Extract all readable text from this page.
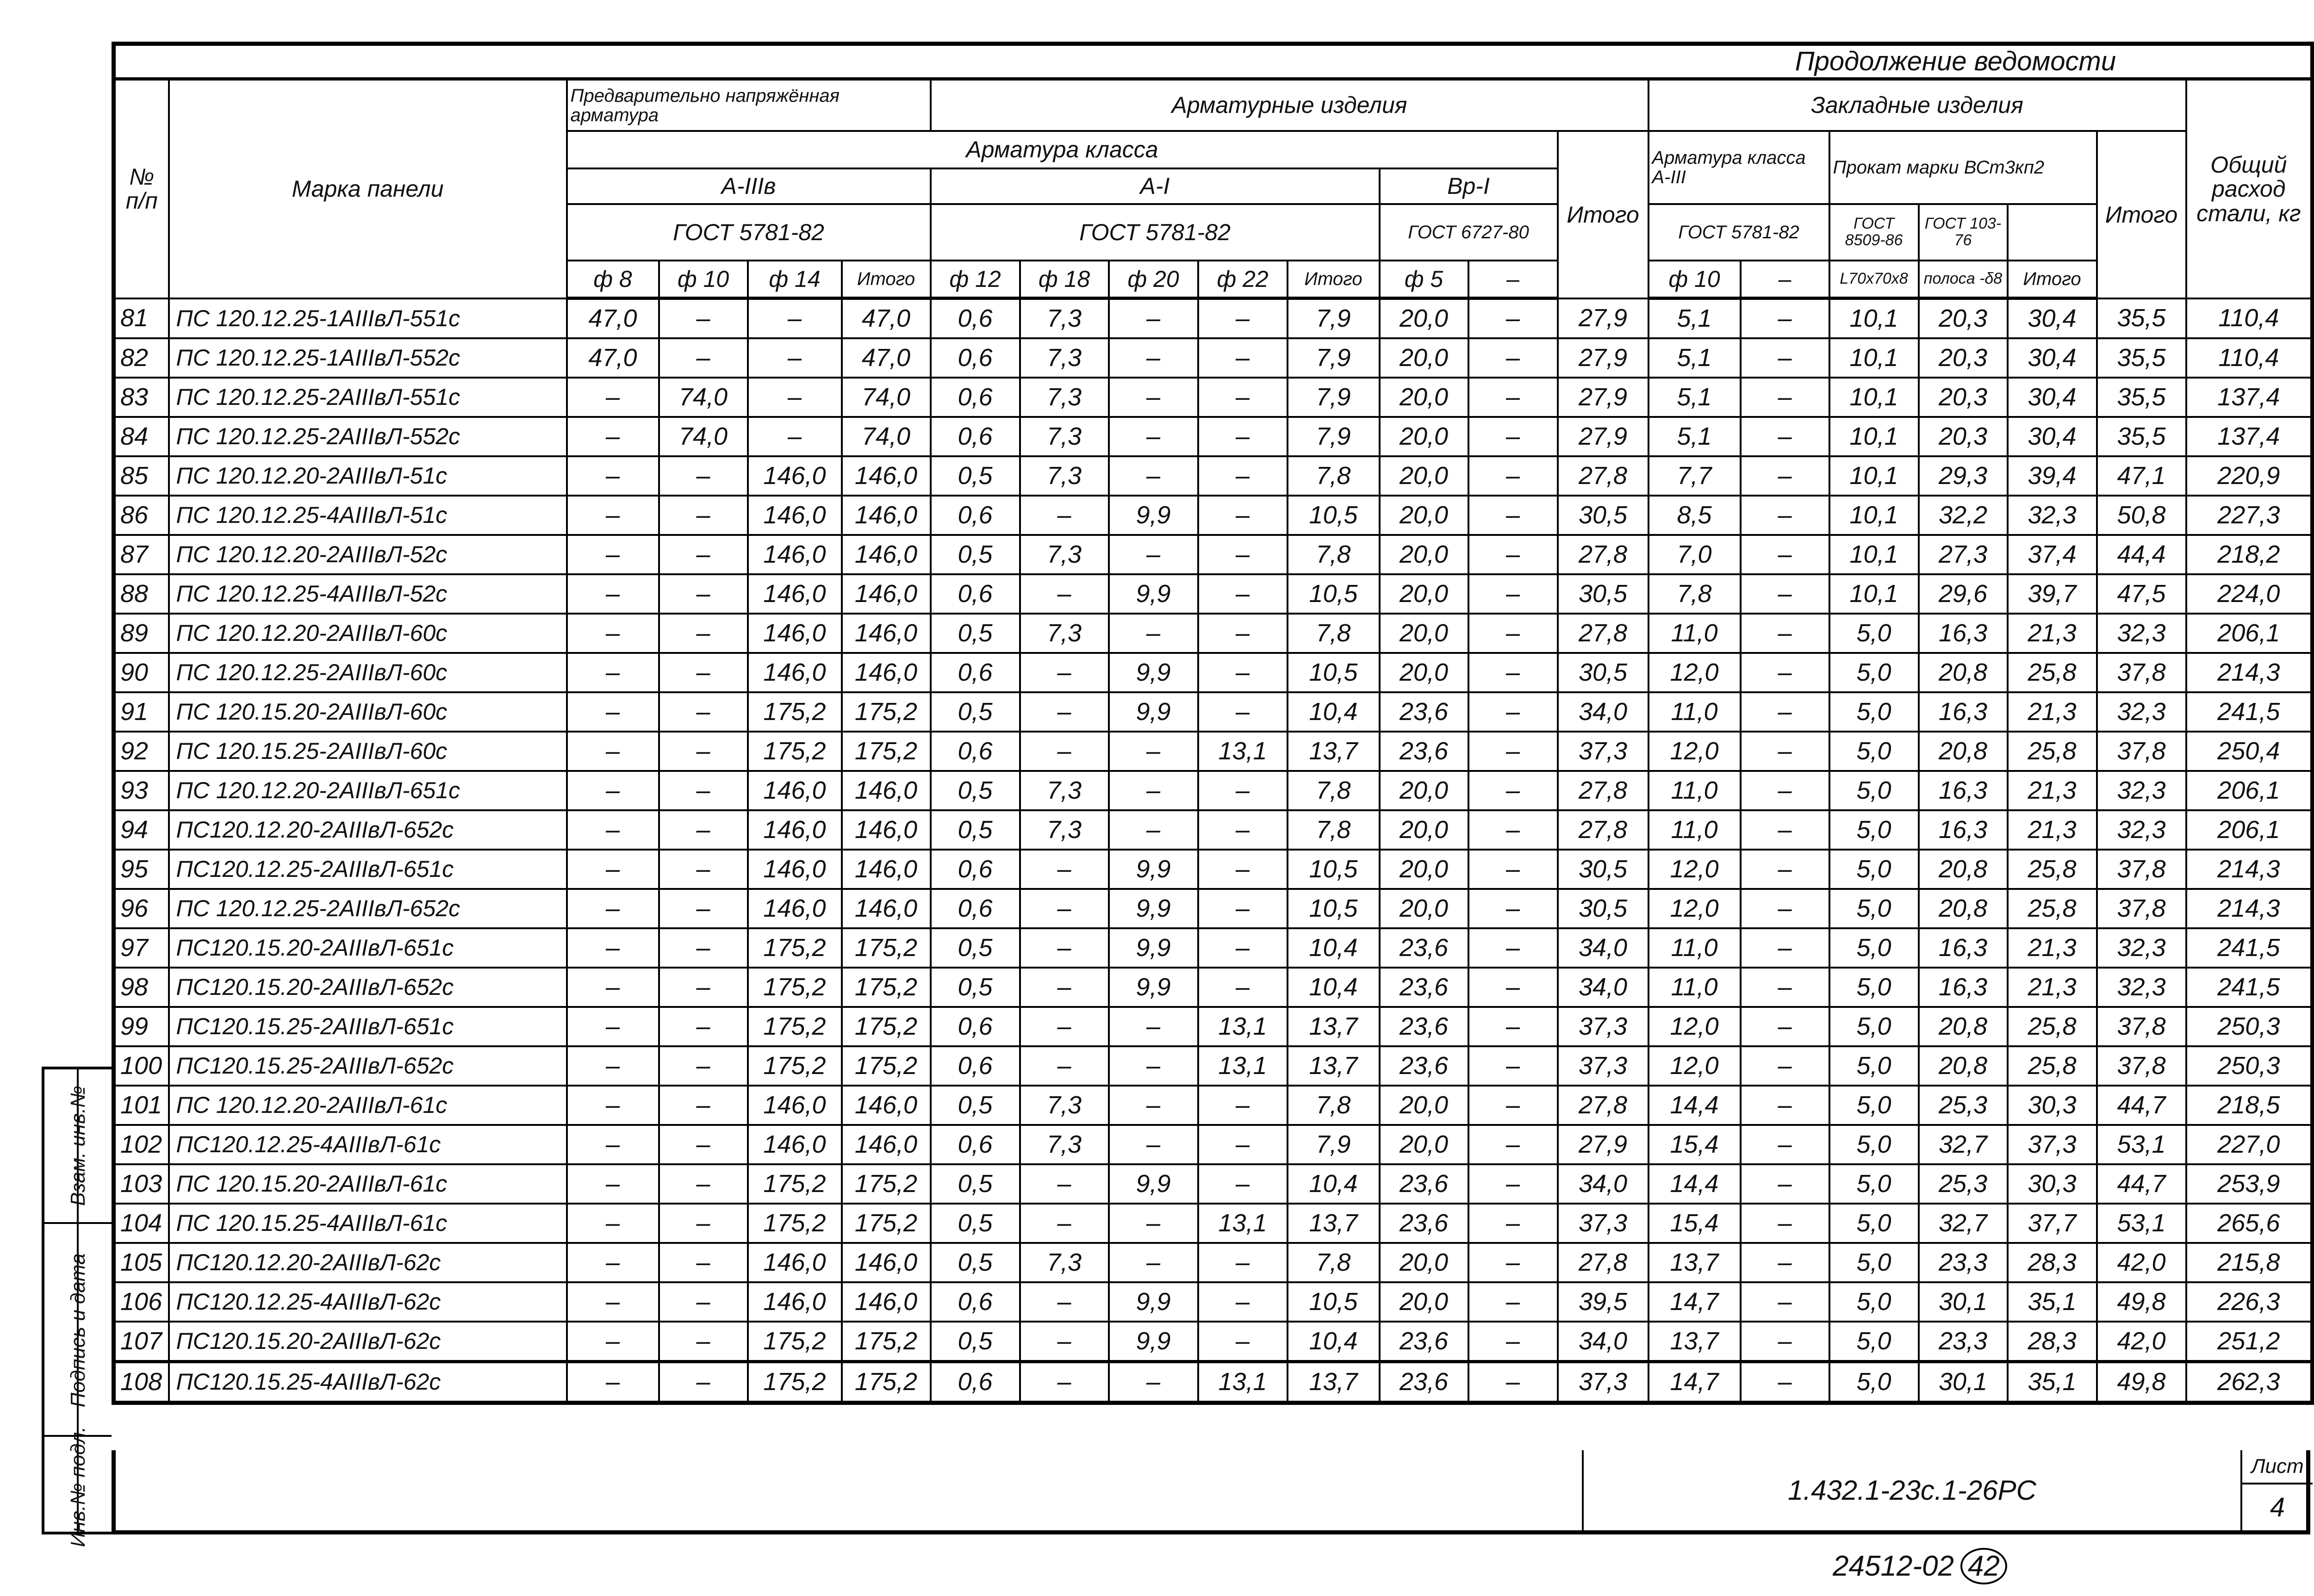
Продолжение ведомости																				
№ п/п	Марка панели	Предварительно напряжённая арматура				Арматурные изделия								Закладные изделия						Общий расход стали, кг
		Арматура класса											Итого	Арматура класса А-III		Прокат марки ВСт3кп2			Итого	
		А-IIIв				А-I					Вр-I									
		ГОСТ 5781-82				ГОСТ 5781-82					ГОСТ 6727-80			ГОСТ 5781-82		ГОСТ 8509-86	ГОСТ 103-76			
		ф 8	ф 10	ф 14	Итого	ф 12	ф 18	ф 20	ф 22	Итого	ф 5	–		ф 10	–	L70x70x8	полоса -δ8	Итого		
81	ПС 120.12.25-1АIIIвЛ-551с	47,0	–	–	47,0	0,6	7,3	–	–	7,9	20,0	–	27,9	5,1	–	10,1	20,3	30,4	35,5	110,4
82	ПС 120.12.25-1АIIIвЛ-552с	47,0	–	–	47,0	0,6	7,3	–	–	7,9	20,0	–	27,9	5,1	–	10,1	20,3	30,4	35,5	110,4
83	ПС 120.12.25-2АIIIвЛ-551с	–	74,0	–	74,0	0,6	7,3	–	–	7,9	20,0	–	27,9	5,1	–	10,1	20,3	30,4	35,5	137,4
84	ПС 120.12.25-2АIIIвЛ-552с	–	74,0	–	74,0	0,6	7,3	–	–	7,9	20,0	–	27,9	5,1	–	10,1	20,3	30,4	35,5	137,4
85	ПС 120.12.20-2АIIIвЛ-51с	–	–	146,0	146,0	0,5	7,3	–	–	7,8	20,0	–	27,8	7,7	–	10,1	29,3	39,4	47,1	220,9
86	ПС 120.12.25-4АIIIвЛ-51с	–	–	146,0	146,0	0,6	–	9,9	–	10,5	20,0	–	30,5	8,5	–	10,1	32,2	32,3	50,8	227,3
87	ПС 120.12.20-2АIIIвЛ-52с	–	–	146,0	146,0	0,5	7,3	–	–	7,8	20,0	–	27,8	7,0	–	10,1	27,3	37,4	44,4	218,2
88	ПС 120.12.25-4АIIIвЛ-52с	–	–	146,0	146,0	0,6	–	9,9	–	10,5	20,0	–	30,5	7,8	–	10,1	29,6	39,7	47,5	224,0
89	ПС 120.12.20-2АIIIвЛ-60с	–	–	146,0	146,0	0,5	7,3	–	–	7,8	20,0	–	27,8	11,0	–	5,0	16,3	21,3	32,3	206,1
90	ПС 120.12.25-2АIIIвЛ-60с	–	–	146,0	146,0	0,6	–	9,9	–	10,5	20,0	–	30,5	12,0	–	5,0	20,8	25,8	37,8	214,3
91	ПС 120.15.20-2АIIIвЛ-60с	–	–	175,2	175,2	0,5	–	9,9	–	10,4	23,6	–	34,0	11,0	–	5,0	16,3	21,3	32,3	241,5
92	ПС 120.15.25-2АIIIвЛ-60с	–	–	175,2	175,2	0,6	–	–	13,1	13,7	23,6	–	37,3	12,0	–	5,0	20,8	25,8	37,8	250,4
93	ПС 120.12.20-2АIIIвЛ-651с	–	–	146,0	146,0	0,5	7,3	–	–	7,8	20,0	–	27,8	11,0	–	5,0	16,3	21,3	32,3	206,1
94	ПС120.12.20-2АIIIвЛ-652с	–	–	146,0	146,0	0,5	7,3	–	–	7,8	20,0	–	27,8	11,0	–	5,0	16,3	21,3	32,3	206,1
95	ПС120.12.25-2АIIIвЛ-651с	–	–	146,0	146,0	0,6	–	9,9	–	10,5	20,0	–	30,5	12,0	–	5,0	20,8	25,8	37,8	214,3
96	ПС 120.12.25-2АIIIвЛ-652с	–	–	146,0	146,0	0,6	–	9,9	–	10,5	20,0	–	30,5	12,0	–	5,0	20,8	25,8	37,8	214,3
97	ПС120.15.20-2АIIIвЛ-651с	–	–	175,2	175,2	0,5	–	9,9	–	10,4	23,6	–	34,0	11,0	–	5,0	16,3	21,3	32,3	241,5
98	ПС120.15.20-2АIIIвЛ-652с	–	–	175,2	175,2	0,5	–	9,9	–	10,4	23,6	–	34,0	11,0	–	5,0	16,3	21,3	32,3	241,5
99	ПС120.15.25-2АIIIвЛ-651с	–	–	175,2	175,2	0,6	–	–	13,1	13,7	23,6	–	37,3	12,0	–	5,0	20,8	25,8	37,8	250,3
100	ПС120.15.25-2АIIIвЛ-652с	–	–	175,2	175,2	0,6	–	–	13,1	13,7	23,6	–	37,3	12,0	–	5,0	20,8	25,8	37,8	250,3
101	ПС 120.12.20-2АIIIвЛ-61с	–	–	146,0	146,0	0,5	7,3	–	–	7,8	20,0	–	27,8	14,4	–	5,0	25,3	30,3	44,7	218,5
102	ПС120.12.25-4АIIIвЛ-61с	–	–	146,0	146,0	0,6	7,3	–	–	7,9	20,0	–	27,9	15,4	–	5,0	32,7	37,3	53,1	227,0
103	ПС 120.15.20-2АIIIвЛ-61с	–	–	175,2	175,2	0,5	–	9,9	–	10,4	23,6	–	34,0	14,4	–	5,0	25,3	30,3	44,7	253,9
104	ПС 120.15.25-4АIIIвЛ-61с	–	–	175,2	175,2	0,5	–	–	13,1	13,7	23,6	–	37,3	15,4	–	5,0	32,7	37,7	53,1	265,6
105	ПС120.12.20-2АIIIвЛ-62с	–	–	146,0	146,0	0,5	7,3	–	–	7,8	20,0	–	27,8	13,7	–	5,0	23,3	28,3	42,0	215,8
106	ПС120.12.25-4АIIIвЛ-62с	–	–	146,0	146,0	0,6	–	9,9	–	10,5	20,0	–	39,5	14,7	–	5,0	30,1	35,1	49,8	226,3
107	ПС120.15.20-2АIIIвЛ-62с	–	–	175,2	175,2	0,5	–	9,9	–	10,4	23,6	–	34,0	13,7	–	5,0	23,3	28,3	42,0	251,2
108	ПС120.15.25-4АIIIвЛ-62с	–	–	175,2	175,2	0,6	–	–	13,1	13,7	23,6	–	37,3	14,7	–	5,0	30,1	35,1	49,8	262,3
1.432.1-23с.1-26РС
Лист
4
24512-02 42
Взам. инв.№
Подпись и дата
Инв.№ подл.
